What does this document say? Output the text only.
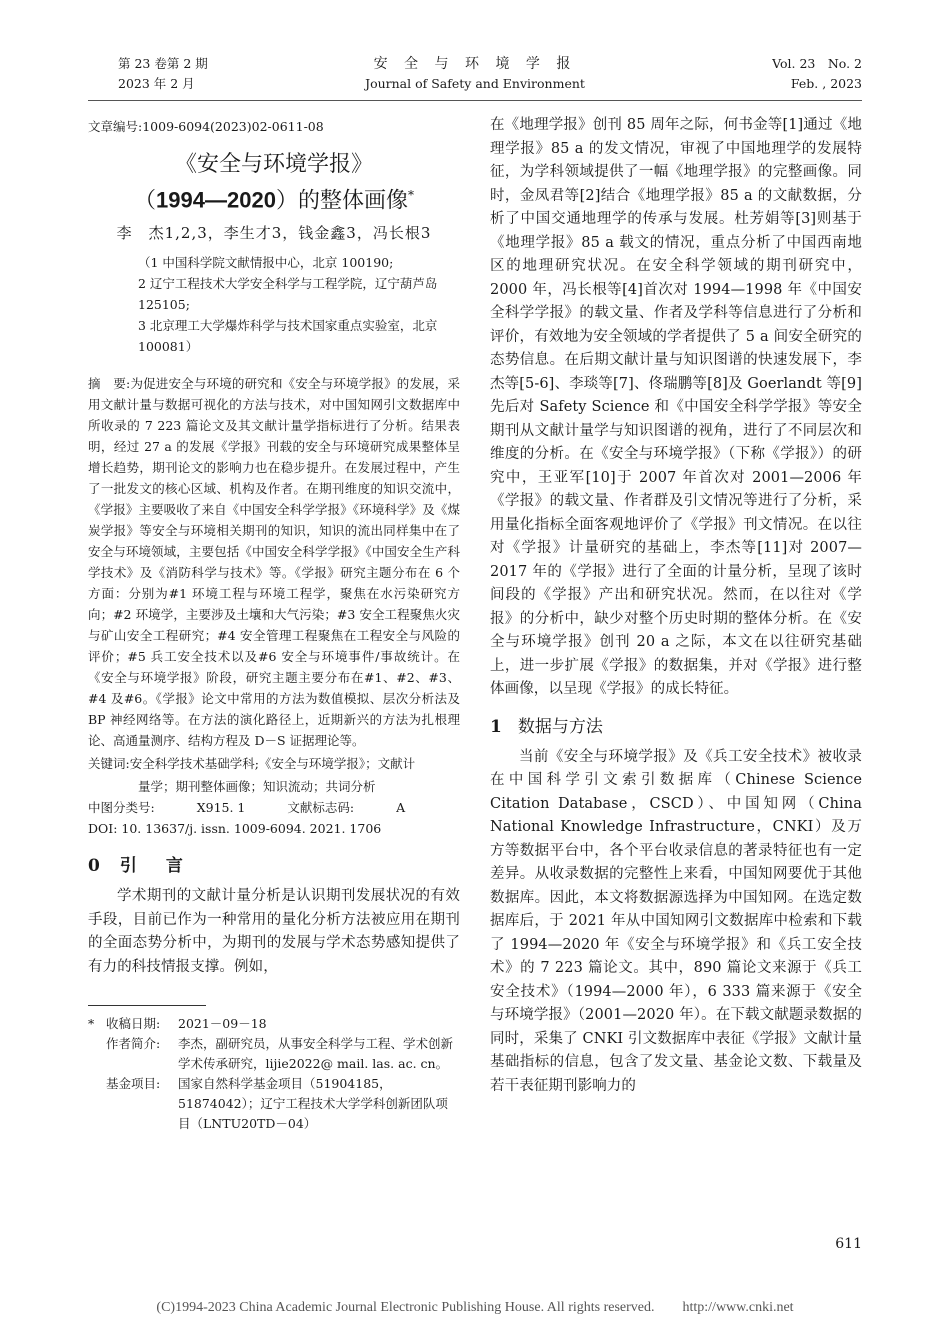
第 23 卷第 2 期
2023 年 2 月
安 全 与 环 境 学 报
Journal of Safety and Environment
Vol. 23　No. 2
Feb. , 2023
文章编号:1009-6094(2023)02-0611-08
《安全与环境学报》
（1994—2020）的整体画像*
李　杰1,2,3，李生才3，钱金鑫3，冯长根3
（1 中国科学院文献情报中心，北京 100190;
2 辽宁工程技术大学安全科学与工程学院，辽宁葫芦岛 125105;
3 北京理工大学爆炸科学与技术国家重点实验室，北京 100081）
摘　要:为促进安全与环境的研究和《安全与环境学报》的发展，采用文献计量与数据可视化的方法与技术，对中国知网引文数据库中所收录的 7 223 篇论文及其文献计量学指标进行了分析。结果表明，经过 27 a 的发展《学报》刊载的安全与环境研究成果整体呈增长趋势，期刊论文的影响力也在稳步提升。在发展过程中，产生了一批发文的核心区域、机构及作者。在期刊维度的知识交流中，《学报》主要吸收了来自《中国安全科学学报》《环境科学》及《煤炭学报》等安全与环境相关期刊的知识，知识的流出同样集中在了安全与环境领域，主要包括《中国安全科学学报》《中国安全生产科学技术》及《消防科学与技术》等。《学报》研究主题分布在 6 个方面：分别为#1 环境工程与环境工程学，聚焦在水污染研究方向；#2 环境学，主要涉及土壤和大气污染；#3 安全工程聚焦火灾与矿山安全工程研究；#4 安全管理工程聚焦在工程安全与风险的评价；#5 兵工安全技术以及#6 安全与环境事件/事故统计。在《安全与环境学报》阶段，研究主题主要分布在#1、#2、#3、#4 及#6。《学报》论文中常用的方法为数值模拟、层次分析法及 BP 神经网络等。在方法的演化路径上，近期新兴的方法为扎根理论、高通量测序、结构方程及 D－S 证据理论等。
关键词:安全科学技术基础学科;《安全与环境学报》；文献计
量学；期刊整体画像；知识流动；共词分析
中图分类号:	X915. 1	文献标志码:	A
DOI: 10. 13637/j. issn. 1009-6094. 2021. 1706
0 引　言
学术期刊的文献计量分析是认识期刊发展状况的有效手段，目前已作为一种常用的量化分析方法被应用在期刊的全面态势分析中，为期刊的发展与学术态势感知提供了有力的科技情报支撑。例如，
* 收稿日期:	2021－09－18
作者简介:	李杰，副研究员，从事安全科学与工程、学术创新学术传承研究，lijie2022@ mail. las. ac. cn。
基金项目:	国家自然科学基金项目（51904185，51874042）；辽宁工程技术大学学科创新团队项目（LNTU20TD－04）
在《地理学报》创刊 85 周年之际，何书金等[1]通过《地理学报》85 a 的发文情况，审视了中国地理学的发展特征，为学科领域提供了一幅《地理学报》的完整画像。同时，金凤君等[2]结合《地理学报》85 a 的文献数据，分析了中国交通地理学的传承与发展。杜芳娟等[3]则基于《地理学报》85 a 载文的情况，重点分析了中国西南地区的地理研究状况。在安全科学领域的期刊研究中，2000 年，冯长根等[4]首次对 1994—1998 年《中国安全科学学报》的载文量、作者及学科等信息进行了分析和评价，有效地为安全领域的学者提供了 5 a 间安全研究的态势信息。在后期文献计量与知识图谱的快速发展下，李杰等[5-6]、李琰等[7]、佟瑞鹏等[8]及 Goerlandt 等[9]先后对 Safety Science 和《中国安全科学学报》等安全期刊从文献计量学与知识图谱的视角，进行了不同层次和维度的分析。在《安全与环境学报》（下称《学报》）的研究中，王亚军[10]于 2007 年首次对 2001—2006 年《学报》的载文量、作者群及引文情况等进行了分析，采用量化指标全面客观地评价了《学报》刊文情况。在以往对《学报》计量研究的基础上，李杰等[11]对 2007—2017 年的《学报》进行了全面的计量分析，呈现了该时间段的《学报》产出和研究状况。然而，在以往对《学报》的分析中，缺少对整个历史时期的整体分析。在《安全与环境学报》创刊 20 a 之际，本文在以往研究基础上，进一步扩展《学报》的数据集，并对《学报》进行整体画像，以呈现《学报》的成长特征。
1 数据与方法
当前《安全与环境学报》及《兵工安全技术》被收录在中国科学引文索引数据库（Chinese Science Citation Database，CSCD）、中国知网（China National Knowledge Infrastructure，CNKI）及万方等数据平台中，各个平台收录信息的著录特征也有一定差异。从收录数据的完整性上来看，中国知网要优于其他数据库。因此，本文将数据源选择为中国知网。在选定数据库后，于 2021 年从中国知网引文数据库中检索和下载了 1994—2020 年《安全与环境学报》和《兵工安全技术》的 7 223 篇论文。其中，890 篇论文来源于《兵工安全技术》（1994—2000 年），6 333 篇来源于《安全与环境学报》（2001—2020 年）。在下载文献题录数据的同时，采集了 CNKI 引文数据库中表征《学报》文献计量基础指标的信息，包含了发文量、基金论文数、下载量及若干表征期刊影响力的
611
(C)1994-2023 China Academic Journal Electronic Publishing House. All rights reserved.　　http://www.cnki.net
